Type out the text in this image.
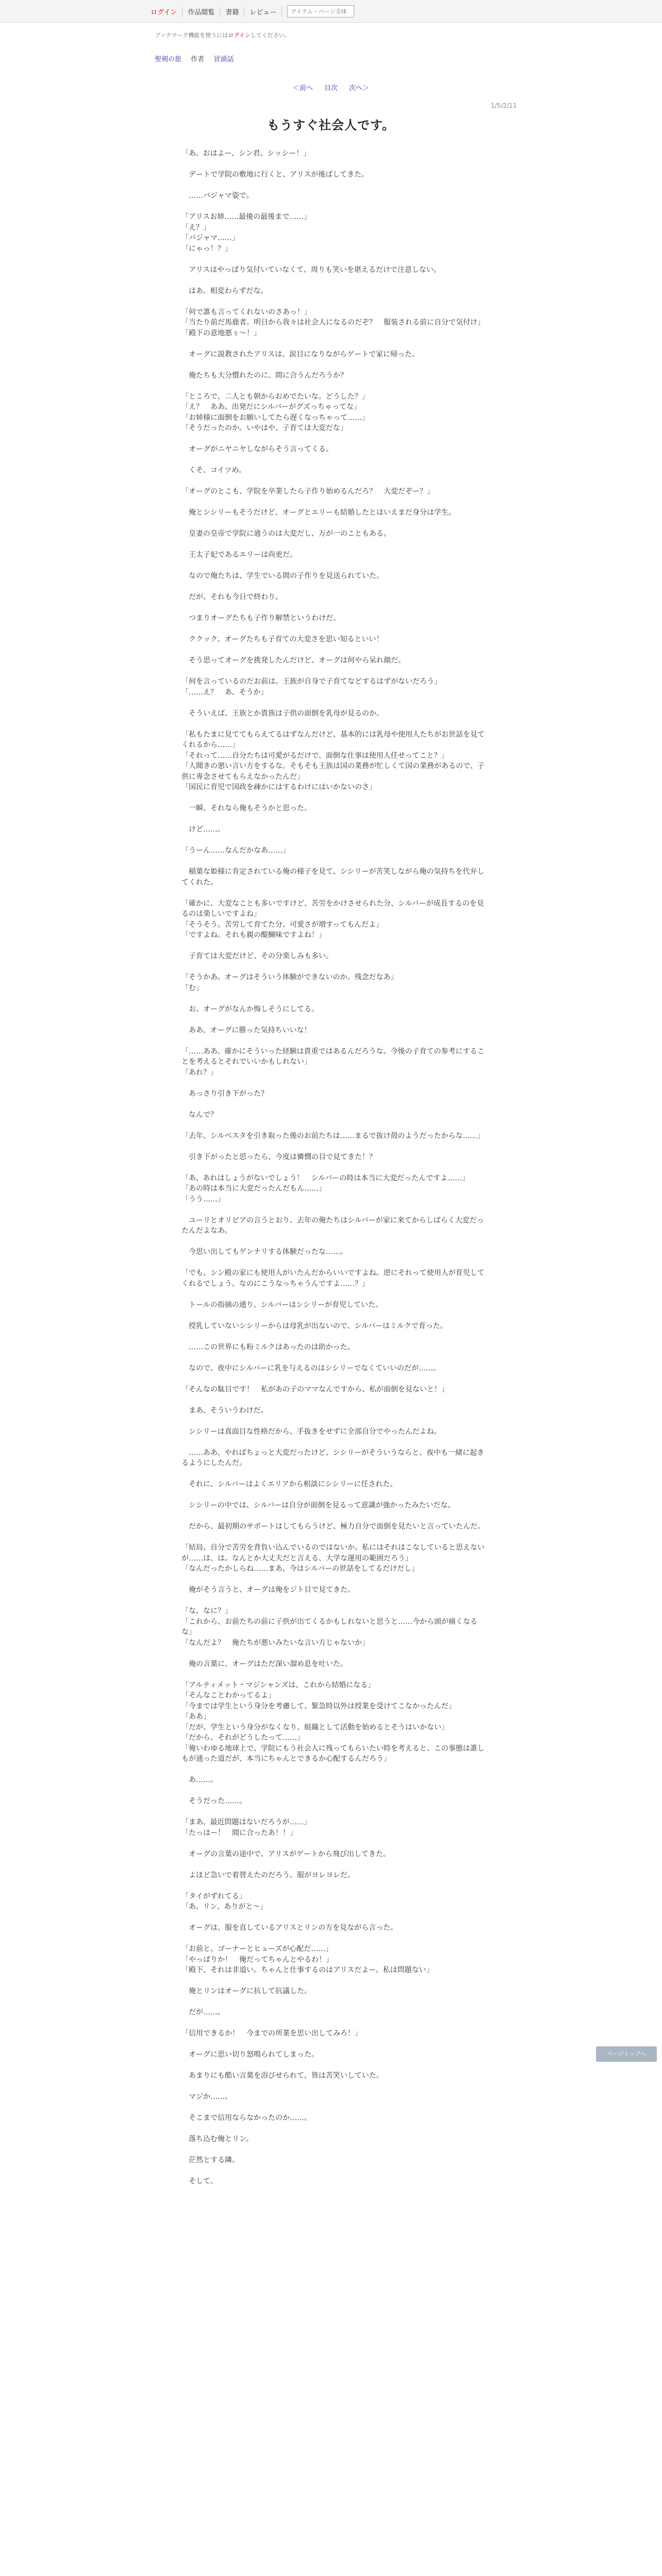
ログイン	作品閲覧	書籍	レビュー
アイテム・ページ全体
ブックマーク機能を使うにはログインしてください。
聖剣の旅 作者 冒頭話
＜前へ 目次 次へ＞
1/5/2/11
もうすぐ社会人です。

「あ、おはよー、シン君、シッシー！」

　デートで学院の敷地に行くと、アリスが後ばしてきた。

　……バジャマ姿で。

「アリスお姉……最後の最後まで……」
「え？」
「バジャマ……」
「にゃっ！？」

　アリスはやっぱり気付いていなくて、周りも笑いを堪えるだけで注意しない。

　はあ、相変わらずだな。

「何で誰も言ってくれないのさあっ！」
「当たり前だ馬鹿者。明日から我々は社会人になるのだぞ？　服装される前に自分で気付け」
「殿下の意地悪ぅ～！」

　オーグに説教されたアリスは、涙目になりながらゲートで家に帰った。

　俺たちも大分慣れたのに、間に合うんだろうか？

「ところで、二人とも朝からおめでたいな。どうした？」
「え？　ああ、出発だにシルバーがグズっちゃってな」
「お姉様に面倒をお願いしてたら遅くなっちゃって……」
「そうだったのか。いやはや、子育ては大変だな」

　オーグがニヤニヤしながらそう言ってくる。

　くそ、コイツめ。

「オーグのとこも、学院を卒業したら子作り始めるんだろ？　大変だぞー？」

　俺とシシリーもそうだけど、オーグとエリーも結婚したとはいえまだ身分は学生。

　皇妻の皇帝で学院に通うのは大変だし、万が一のこともある。

　王太子妃であるエリーは尚更だ。

　なので俺たちは、学生でいる間の子作りを見送られていた。

　だが、それも今日で終わり。

　つまりオーグたちも子作り解禁というわけだ。

　ククック、オーグたちも子育ての大変さを思い知るといい！

　そう思ってオーグを挑発したんだけど、オーグは何やら呆れ顔だ。

「何を言っているのだお前は。王族が自身で子育てなどするはずがないだろう」
「……え？　あ、そうか」

　そういえば、王族とか貴族は子供の面倒を乳母が見るのか。

「私もたまに見ててもらえてるはずなんだけど、基本的には乳母や使用人たちがお世話を見てくれるから……」
「それって……自分たちは可愛がるだけで、面倒な仕事は使用人任せってこと？」
「人聞きの悪い言い方をするな。そもそも王族は国の業務が忙しくて国の業務があるので、子供に専念させてもらえなかったんだ」
「国民に育児で国政を疎かにはするわけにはいかないのさ」

　一瞬、それなら俺もそうかと思った。

　けど……。

「うーん……なんだかなあ……」

　稲葉な姫様に肯定されている俺の様子を見て、シシリーが苦笑しながら俺の気持ちを代弁してくれた。

「確かに、大変なことも多いですけど、苦労をかけさせられた分、シルバーが成長するのを見るのは楽しいですよね」
「そうそう。苦労して育てた分、可愛さが増すってもんだよ」
「ですよね。それも親の醍醐味ですよね！」

　子育ては大変だけど、その分楽しみも多い。

「そうかあ。オーグはそういう体験ができないのか。残念だなあ」
「む」

　お、オーグがなんか悔しそうにしてる。

　ああ、オーグに勝った気持ちいいな！

「……ああ、確かにそういった経験は貴重ではあるんだろうな。今後の子育ての参考にすることを考えるとそれでいいかもしれない」
「あれ？」

　あっさり引き下がった？

　なんで？

「去年、シルベスタを引き取った後のお前たちは……まるで抜け殻のようだったからな……」

　引き下がったと思ったら、今度は憐憫の目で見てきた！？

「あ、あれはしょうがないでしょう！　シルバーの時は本当に大変だったんですよ……」
「あの時は本当に大変だったんだもん……」
「うう……」

　ユーリとオリビアの言うとおり、去年の俺たちはシルバーが家に来てからしばらく大変だったんだよなあ。

　今思い出してもゲンナリする体験だったな……。

「でも、シン殿の家にも使用人がいたんだからいいですよね。逆にそれって使用人が育児してくれるでしょう。なのにこうなっちゃうんですよ……？」

　トールの指摘の通り、シルバーはシシリーが育児していた。

　授乳していないシシリーからは母乳が出ないので、シルバーはミルクで育った。

　……この世界にも粉ミルクはあったのは助かった。

　なので、夜中にシルバーに乳を与えるのはシシリーでなくていいのだが……。

「そんなの駄目です！　私があの子のママなんですから、私が面倒を見ないと！」

　まあ、そういうわけだ。

　シシリーは真面目な性格だから、手抜きをせずに全部自分でやったんだよね。

　……ああ、やればちょっと大変だったけど、シシリーがそういうならと、夜中も一緒に起きるようにしたんだ。

　それに、シルバーはよくエリアから相談にシシリーに任された。

　シシリーの中では、シルバーは自分が面倒を見るって意識が強かったみたいだな。

　だから、最初期のサポートはしてもらうけど、極力自分で面倒を見たいと言っていたんだ。

「結局、自分で苦労を背負い込んでいるのではないか。私にはそれはこなしていると思えないが……は、は。なんとか大丈夫だと言える、大学な運用の範囲だろう」
「なんだったかしらね……まあ、今はシルバーの世話をしてるだけだし」

　俺がそう言うと、オーグは俺をジト目で見てきた。

「な、なに？」
「これから、お前たちの前に子供が出てくるかもしれないと思うと……今から頭が痛くなるな」
「なんだよ？　俺たちが悪いみたいな言い方じゃないか」

　俺の言葉に、オーグはただ深い溜め息を吐いた。

「アルティメット・マジシャンズは、これから結婚になる」
「そんなことわかってるよ」
「今までは学生という身分を考慮して、緊急時以外は授業を受けてこなかったんだ」
「ああ」
「だが、学生という身分がなくなり、組織として活動を始めるとそうはいかない」
「だから、それがどうしたって……」
「俺いわゆる地球上で、学院にもう社会人に残ってもらいたい時を考えると、この事態は誰しもが通った道だが、本当にちゃんとできるか心配するんだろう」

　あ……。

　そうだった……。

「まあ、最近問題はないだろうが……」
「たっはー！　間に合ったあ！！」

　オーグの言葉の途中で、アリスがゲートから飛び出してきた。

　よほど急いで着替えたのだろう。服がヨレヨレだ。

「タイがずれてる」
「あ、リン、ありがと～」

　オーグは、服を直しているアリスとリンの方を見ながら言った。

「お前と、ゴーナーとヒューズが心配だ……」
「やっぱりか！　俺だってちゃんとやるわ！」
「殿下、それは非道い。ちゃんと仕事するのはアリスだよー。私は問題ない」

　俺とリンはオーグに抗して抗議した。

　だが……。

「信用できるか！　今までの所業を思い出してみろ！」

　オーグに思い切り怒鳴られてしまった。

　あまりにも酷い言葉を浴びせられて、皆は苦笑いしていた。

　マジか……。

　そこまで信用ならなかったのか……。

　落ち込む俺とリン。

　茫然とする隣。

　そして。

ページトップへ
